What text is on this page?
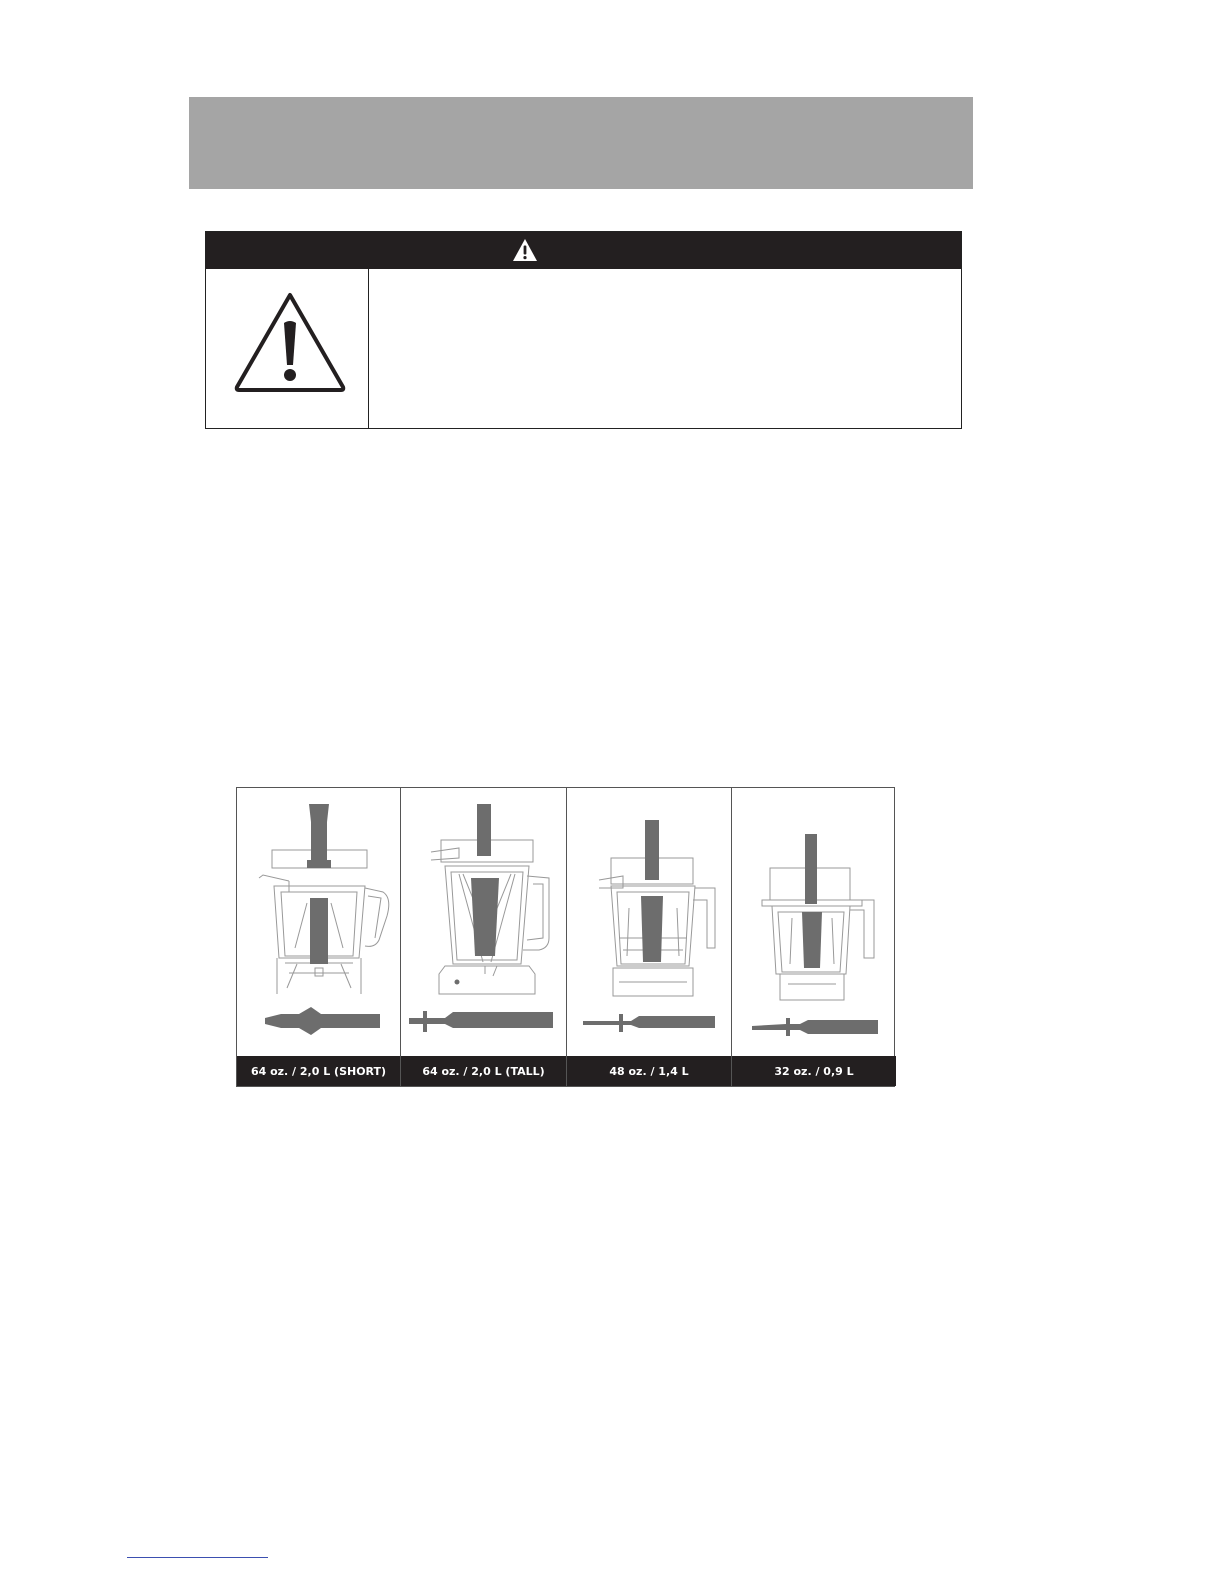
64 oz. / 2,0 L (SHORT)	64 oz. / 2,0 L (TALL)	48 oz. / 1,4 L	32 oz. / 0,9 L
